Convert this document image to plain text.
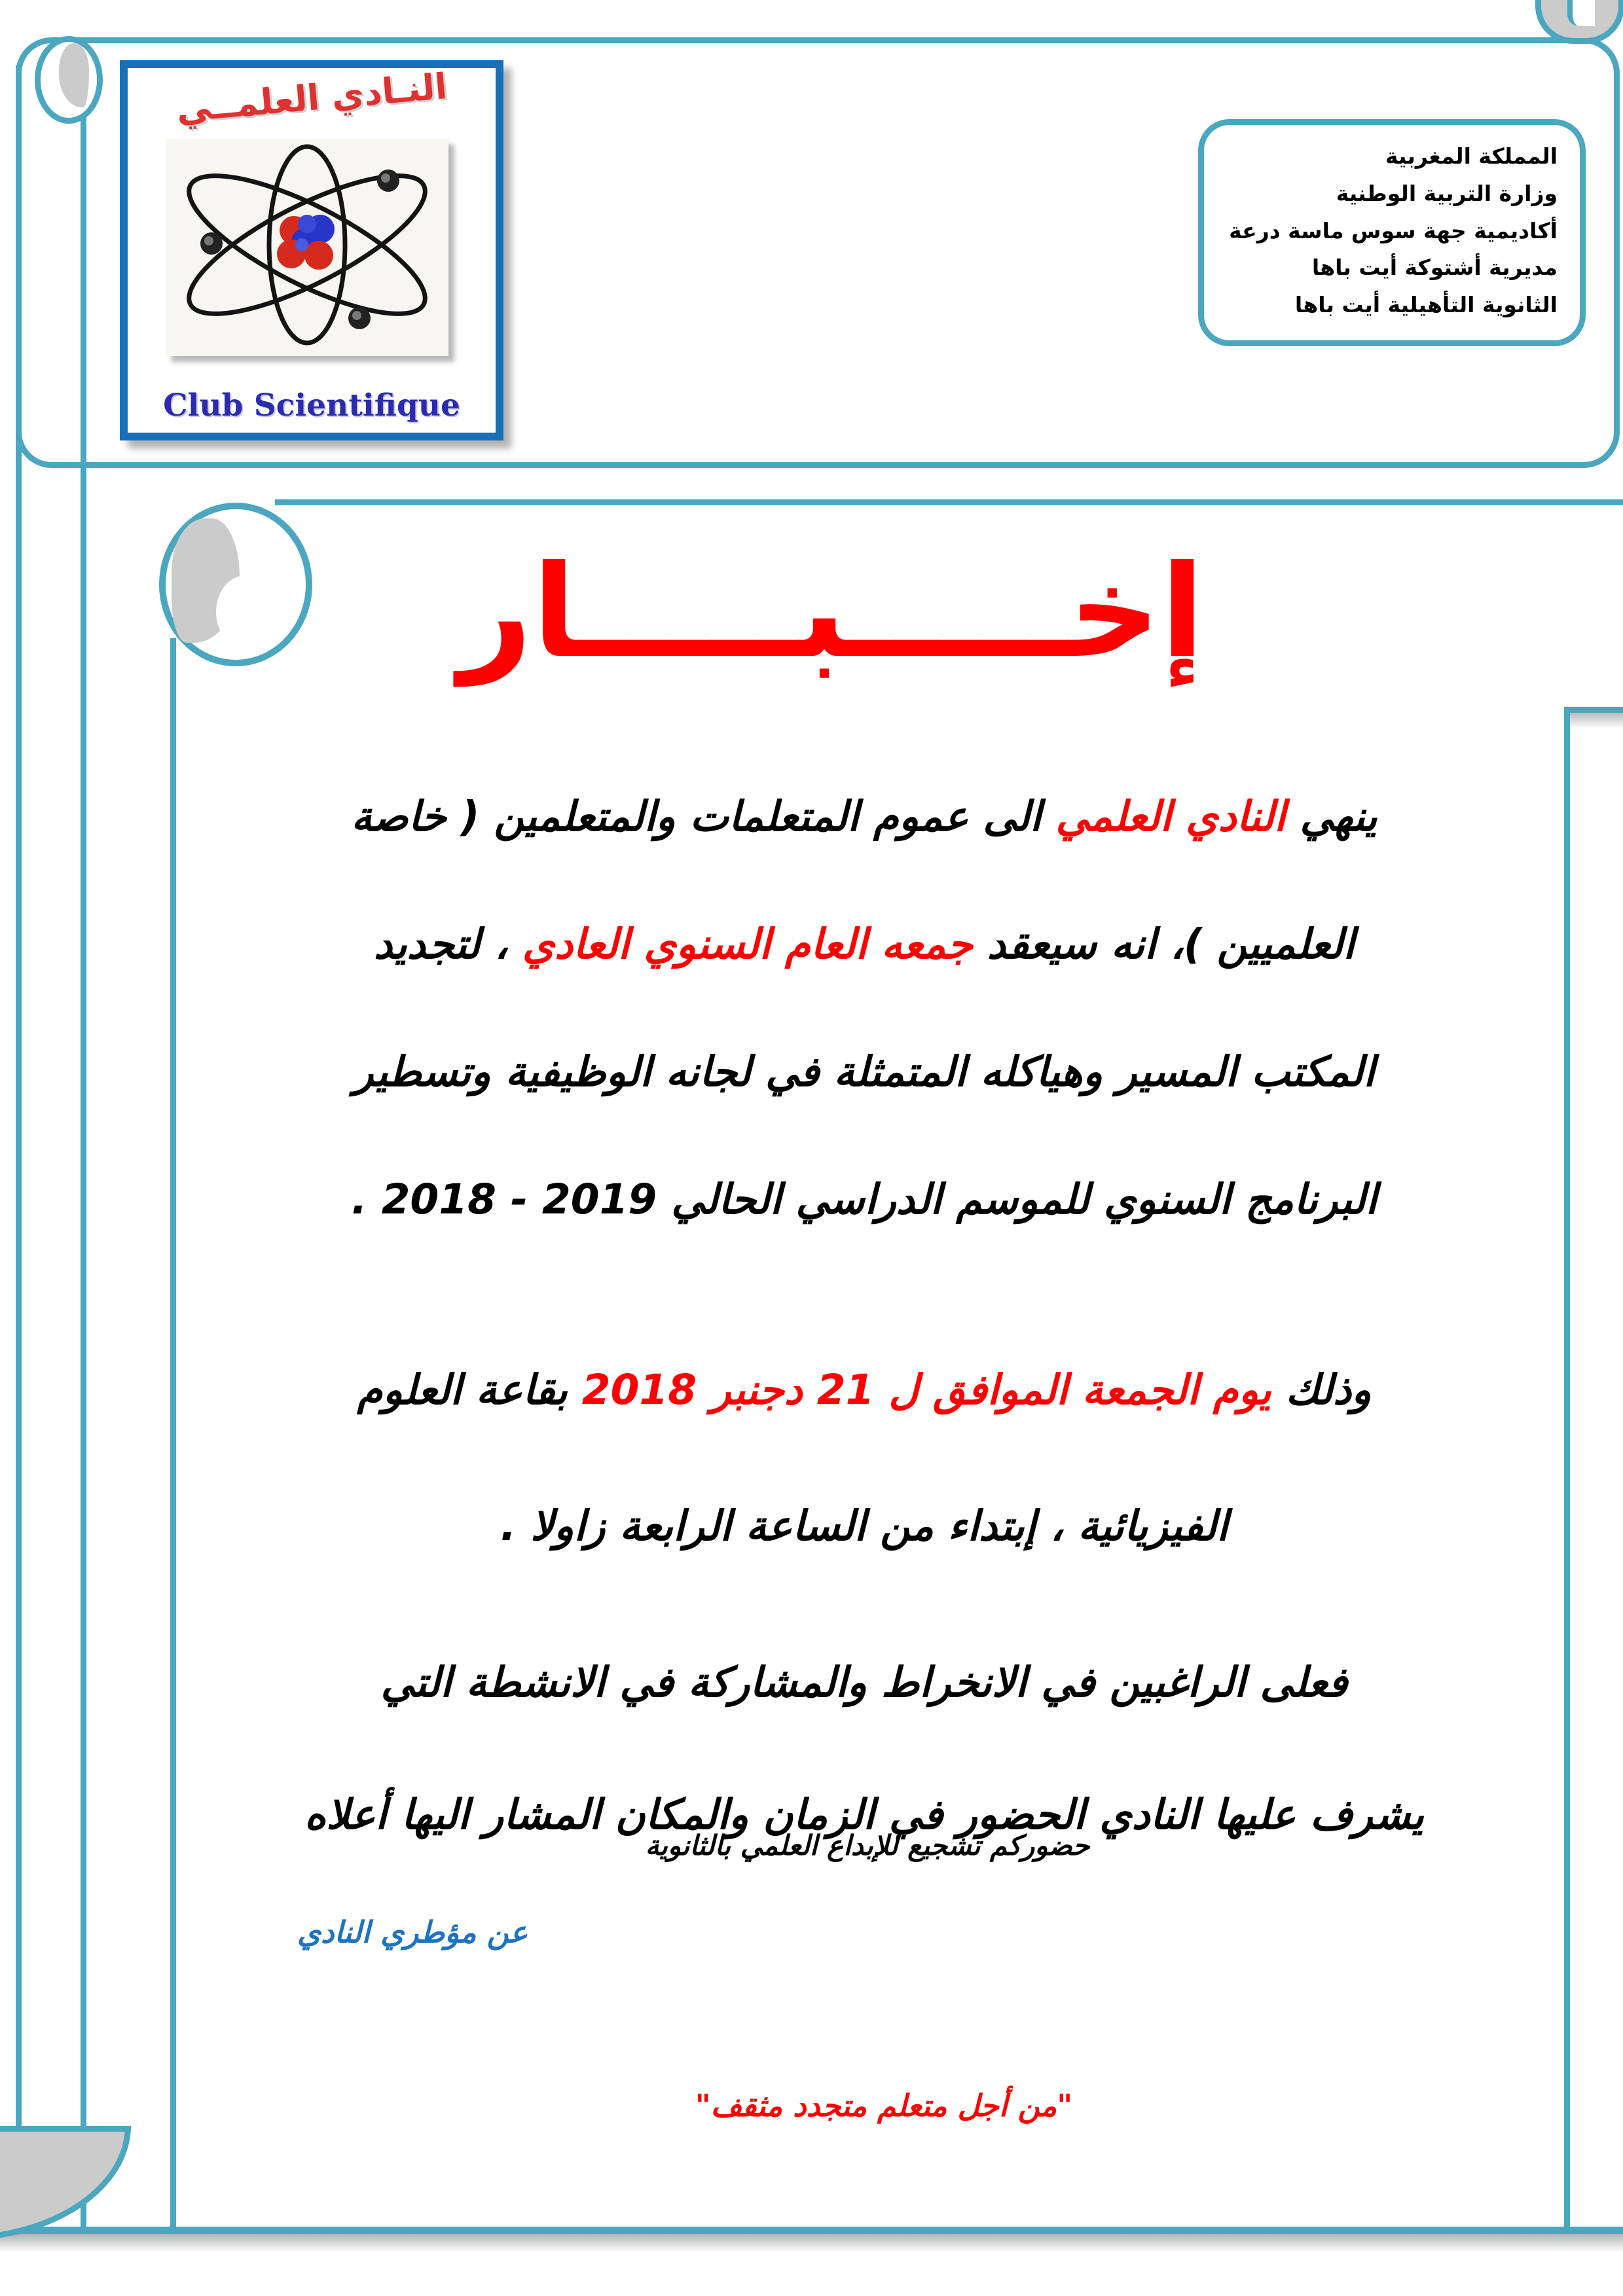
النـادي العلمــي
Club Scientifique
المملكة المغربية
وزارة التربية الوطنية
أكاديمية جهة سوس ماسة درعة
مديرية أشتوكة أيت باها
الثانوية التأهيلية أيت باها
إخـــــبـــــار
ينهي النادي العلمي الى عموم المتعلمات والمتعلمين ( خاصة
العلميين )، انه سيعقد جمعه العام السنوي العادي ، لتجديد
المكتب المسير وهياكله المتمثلة في لجانه الوظيفية وتسطير
البرنامج السنوي للموسم الدراسي الحالي 2019 - 2018 .
وذلك يوم الجمعة الموافق ل 21 دجنبر 2018 بقاعة العلوم
الفيزيائية ، إبتداء من الساعة الرابعة زاولا .
فعلى الراغبين في الانخراط والمشاركة في الانشطة التي
يشرف عليها النادي الحضور في الزمان والمكان المشار اليها أعلاه
حضوركم تشجيع للإبداع العلمي بالثانوية
عن مؤطري النادي
"من أجل متعلم متجدد مثقف"
